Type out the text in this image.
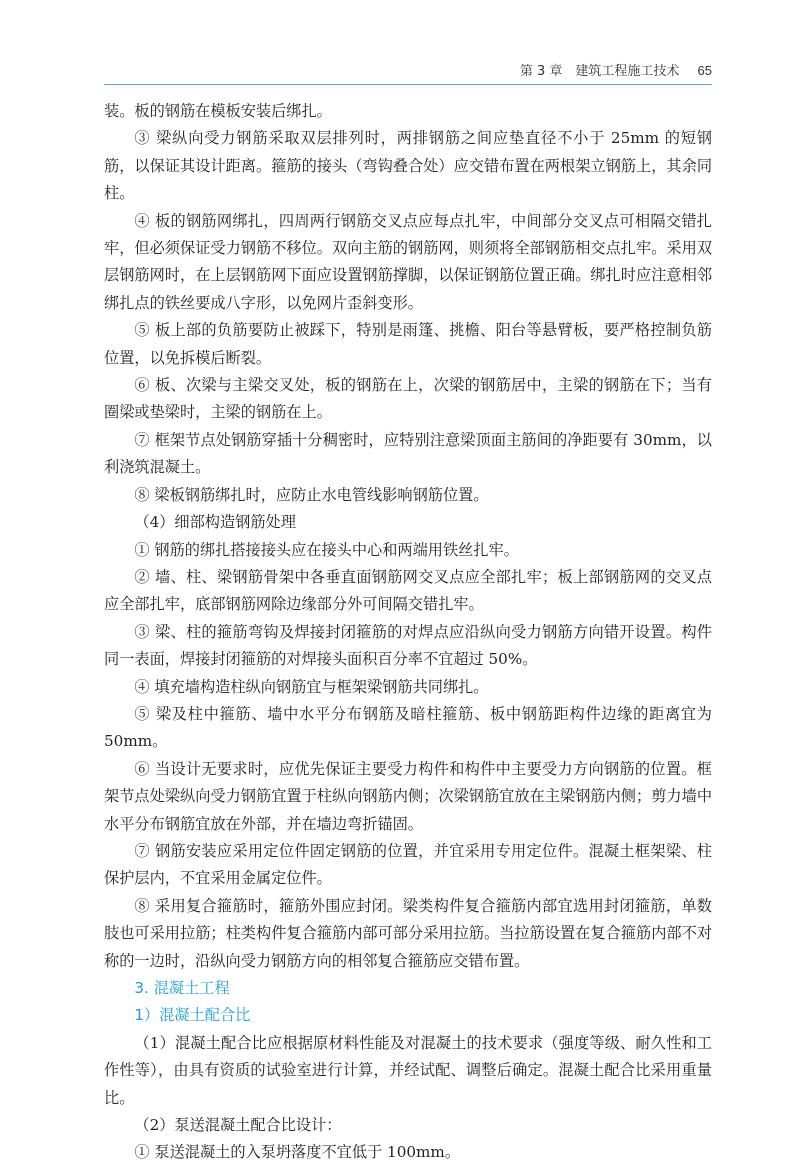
第 3 章　建筑工程施工技术 65

装。板的钢筋在模板安装后绑扎。

③ 梁纵向受力钢筋采取双层排列时，两排钢筋之间应垫直径不小于 25mm 的短钢筋，以保证其设计距离。箍筋的接头（弯钩叠合处）应交错布置在两根架立钢筋上，其余同柱。

④ 板的钢筋网绑扎，四周两行钢筋交叉点应每点扎牢，中间部分交叉点可相隔交错扎牢，但必须保证受力钢筋不移位。双向主筋的钢筋网，则须将全部钢筋相交点扎牢。采用双层钢筋网时，在上层钢筋网下面应设置钢筋撑脚，以保证钢筋位置正确。绑扎时应注意相邻绑扎点的铁丝要成八字形，以免网片歪斜变形。

⑤ 板上部的负筋要防止被踩下，特别是雨篷、挑檐、阳台等悬臂板，要严格控制负筋位置，以免拆模后断裂。

⑥ 板、次梁与主梁交叉处，板的钢筋在上，次梁的钢筋居中，主梁的钢筋在下；当有圈梁或垫梁时，主梁的钢筋在上。

⑦ 框架节点处钢筋穿插十分稠密时，应特别注意梁顶面主筋间的净距要有 30mm，以利浇筑混凝土。

⑧ 梁板钢筋绑扎时，应防止水电管线影响钢筋位置。

（4）细部构造钢筋处理

① 钢筋的绑扎搭接接头应在接头中心和两端用铁丝扎牢。

② 墙、柱、梁钢筋骨架中各垂直面钢筋网交叉点应全部扎牢；板上部钢筋网的交叉点应全部扎牢，底部钢筋网除边缘部分外可间隔交错扎牢。

③ 梁、柱的箍筋弯钩及焊接封闭箍筋的对焊点应沿纵向受力钢筋方向错开设置。构件同一表面，焊接封闭箍筋的对焊接头面积百分率不宜超过 50%。

④ 填充墙构造柱纵向钢筋宜与框架梁钢筋共同绑扎。

⑤ 梁及柱中箍筋、墙中水平分布钢筋及暗柱箍筋、板中钢筋距构件边缘的距离宜为 50mm。

⑥ 当设计无要求时，应优先保证主要受力构件和构件中主要受力方向钢筋的位置。框架节点处梁纵向受力钢筋宜置于柱纵向钢筋内侧；次梁钢筋宜放在主梁钢筋内侧；剪力墙中水平分布钢筋宜放在外部，并在墙边弯折锚固。

⑦ 钢筋安装应采用定位件固定钢筋的位置，并宜采用专用定位件。混凝土框架梁、柱保护层内，不宜采用金属定位件。

⑧ 采用复合箍筋时，箍筋外围应封闭。梁类构件复合箍筋内部宜选用封闭箍筋，单数肢也可采用拉筋；柱类构件复合箍筋内部可部分采用拉筋。当拉筋设置在复合箍筋内部不对称的一边时，沿纵向受力钢筋方向的相邻复合箍筋应交错布置。

3. 混凝土工程

1）混凝土配合比

（1）混凝土配合比应根据原材料性能及对混凝土的技术要求（强度等级、耐久性和工作性等），由具有资质的试验室进行计算，并经试配、调整后确定。混凝土配合比采用重量比。

（2）泵送混凝土配合比设计：

① 泵送混凝土的入泵坍落度不宜低于 100mm。
